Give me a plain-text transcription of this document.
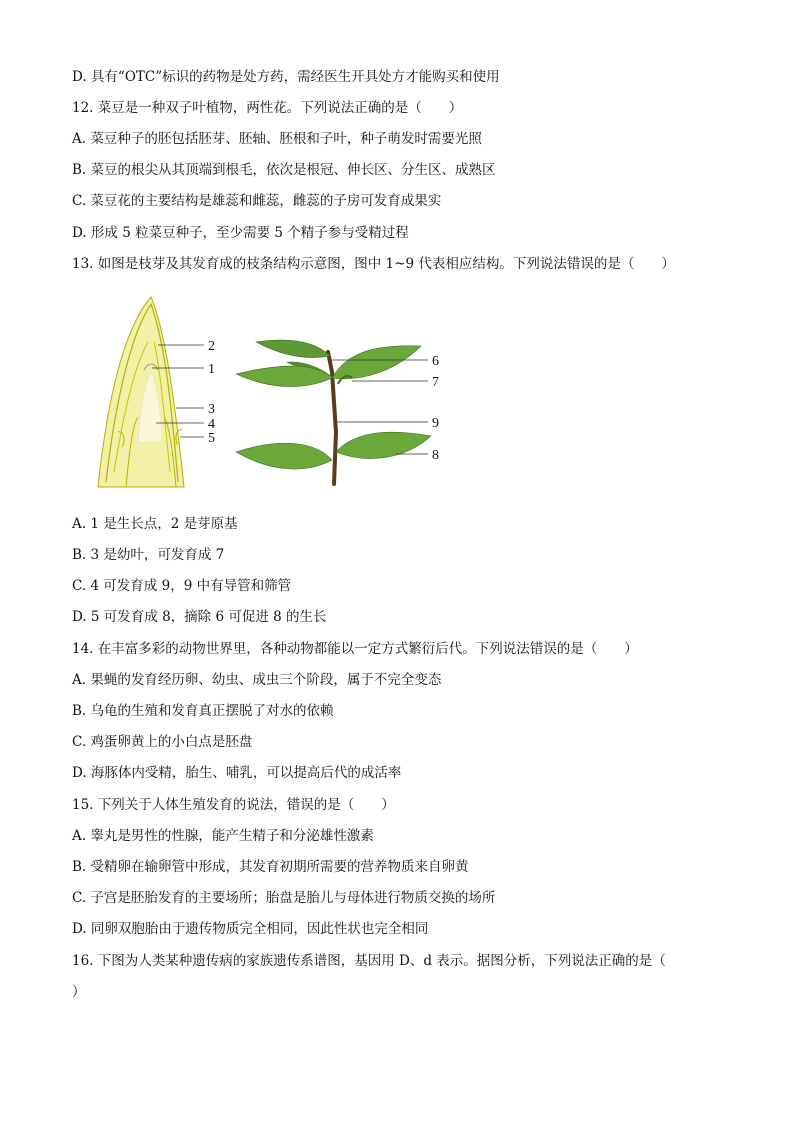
D. 具有“OTC”标识的药物是处方药，需经医生开具处方才能购买和使用
12. 菜豆是一种双子叶植物，两性花。下列说法正确的是（　　）
A. 菜豆种子的胚包括胚芽、胚轴、胚根和子叶，种子萌发时需要光照
B. 菜豆的根尖从其顶端到根毛，依次是根冠、伸长区、分生区、成熟区
C. 菜豆花的主要结构是雄蕊和雌蕊，雌蕊的子房可发育成果实
D. 形成 5 粒菜豆种子，至少需要 5 个精子参与受精过程
13. 如图是枝芽及其发育成的枝条结构示意图，图中 1~9 代表相应结构。下列说法错误的是（　　）
2
1
3
4
5
6
7
9
8
A. 1 是生长点，2 是芽原基
B. 3 是幼叶，可发育成 7
C. 4 可发育成 9，9 中有导管和筛管
D. 5 可发育成 8，摘除 6 可促进 8 的生长
14. 在丰富多彩的动物世界里，各种动物都能以一定方式繁衍后代。下列说法错误的是（　　）
A. 果蝇的发育经历卵、幼虫、成虫三个阶段，属于不完全变态
B. 乌龟的生殖和发育真正摆脱了对水的依赖
C. 鸡蛋卵黄上的小白点是胚盘
D. 海豚体内受精，胎生、哺乳，可以提高后代的成活率
15. 下列关于人体生殖发育的说法，错误的是（　　）
A. 睾丸是男性的性腺，能产生精子和分泌雄性激素
B. 受精卵在输卵管中形成，其发育初期所需要的营养物质来自卵黄
C. 子宫是胚胎发育的主要场所；胎盘是胎儿与母体进行物质交换的场所
D. 同卵双胞胎由于遗传物质完全相同，因此性状也完全相同
16. 下图为人类某种遗传病的家族遗传系谱图，基因用 D、d 表示。据图分析，下列说法正确的是（
）
